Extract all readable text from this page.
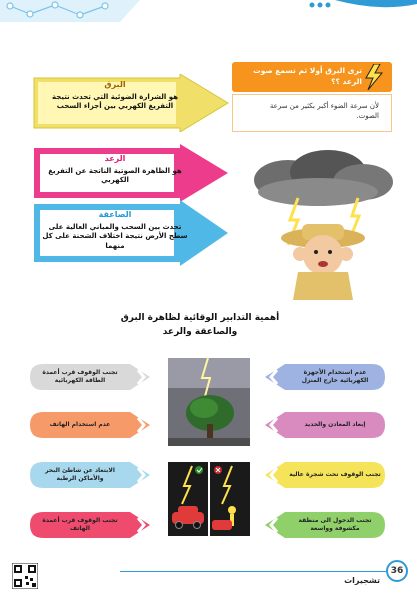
البرق
هو الشرارة الضوئية التي تحدث نتيجة التفريغ الكهربي بين أجزاء السحب
الرعد
هو الظاهرة الصوتية الناتجة عن التفريغ الكهربي
الصاعقة
تحدث بين السحب والمباني العالية على سطح الأرض نتيجة اختلاف الشحنة على كل منهما
ترى البرق أولا ثم تسمع صوت الرعد ؟؟
لأن سرعة الضوء أكبر بكثير من سرعة الصوت.
أهمية التدابير الوقائية لظاهرة البرق والصاعقة والرعد
تجنب الوقوف قرب أعمدة الطاقة الكهربائية
عدم استخدام الهاتف
الابتعاد عن شاطئ البحر والأماكن الرطبة
تجنب الوقوف قرب أعمدة الهاتف
عدم استخدام الأجهزة الكهربائية خارج المنزل
إبعاد المعادن والحديد
تجنب الوقوف تحت شجرة عالية
تجنب الدخول الى منطقة مكشوفة وواسعة
36
تشجيرات
